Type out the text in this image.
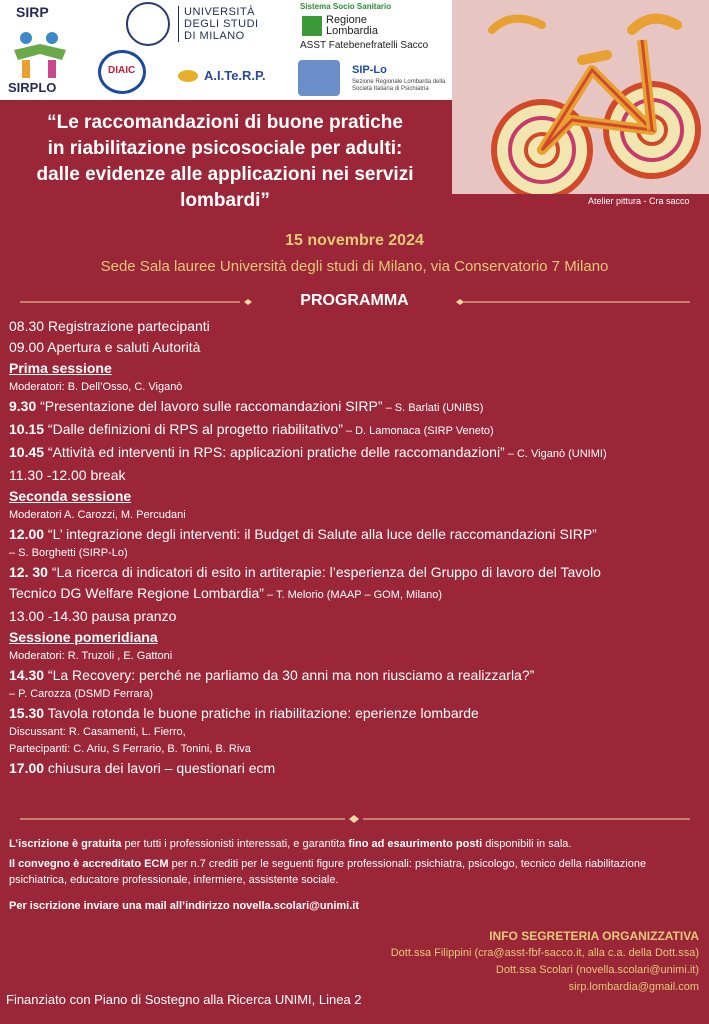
SIRP
SIRPLO
UNIVERSITÀ
DEGLI STUDI
DI MILANO
Sistema Socio Sanitario
Regione
Lombardia
ASST Fatebenefratelli Sacco
DIAIC	A.I.Te.R.P.	SIP-Lo
Sezione Regionale Lombarda della Società Italiana di Psichiatria
Atelier pittura - Cra sacco
“Le raccomandazioni di buone pratiche
in riabilitazione psicosociale per adulti:
dalle evidenze alle applicazioni nei servizi
lombardi”
15 novembre 2024
Sede Sala lauree Università degli studi di Milano, via Conservatorio 7 Milano
PROGRAMMA

08.30 Registrazione partecipanti

09.00 Apertura e saluti Autorità

Prima sessione

Moderatori: B. Dell’Osso, C. Viganò

9.30 “Presentazione del lavoro sulle raccomandazioni SIRP” – S. Barlati (UNIBS)

10.15 “Dalle definizioni di RPS al progetto riabilitativo” – D. Lamonaca (SIRP Veneto)

10.45 “Attività ed interventi in RPS: applicazioni pratiche delle raccomandazioni” – C. Viganò (UNIMI)

11.30 -12.00 break

Seconda sessione

Moderatori A. Carozzi, M. Percudani

12.00 “L’ integrazione degli interventi: il Budget di Salute alla luce delle raccomandazioni SIRP”

– S. Borghetti (SIRP-Lo)

12. 30 “La ricerca di indicatori di esito in artiterapie: l’esperienza del Gruppo di lavoro del Tavolo

Tecnico DG Welfare Regione Lombardia” – T. Melorio (MAAP – GOM, Milano)

13.00 -14.30 pausa pranzo

Sessione pomeridiana

Moderatori: R. Truzoli , E. Gattoni

14.30 “La Recovery: perché ne parliamo da 30 anni ma non riusciamo a realizzarla?”

– P. Carozza (DSMD Ferrara)

15.30 Tavola rotonda le buone pratiche in riabilitazione: eperienze lombarde

Discussant: R. Casamenti, L. Fierro,

Partecipanti: C. Ariu, S Ferrario, B. Tonini, B. Riva

17.00 chiusura dei lavori – questionari ecm

L’iscrizione è gratuita per tutti i professionisti interessati, e garantita fino ad esaurimento posti disponibili in sala.

Il convegno è accreditato ECM per n.7 crediti per le seguenti figure professionali: psichiatra, psicologo, tecnico della riabilitazione psichiatrica, educatore professionale, infermiere, assistente sociale.

Per iscrizione inviare una mail all’indirizzo novella.scolari@unimi.it

INFO SEGRETERIA ORGANIZZATIVA
Dott.ssa Filippini (cra@asst-fbf-sacco.it, alla c.a. della Dott.ssa)
Dott.ssa Scolari (novella.scolari@unimi.it)
sirp.lombardia@gmail.com
Finanziato con Piano di Sostegno alla Ricerca UNIMI, Linea 2
